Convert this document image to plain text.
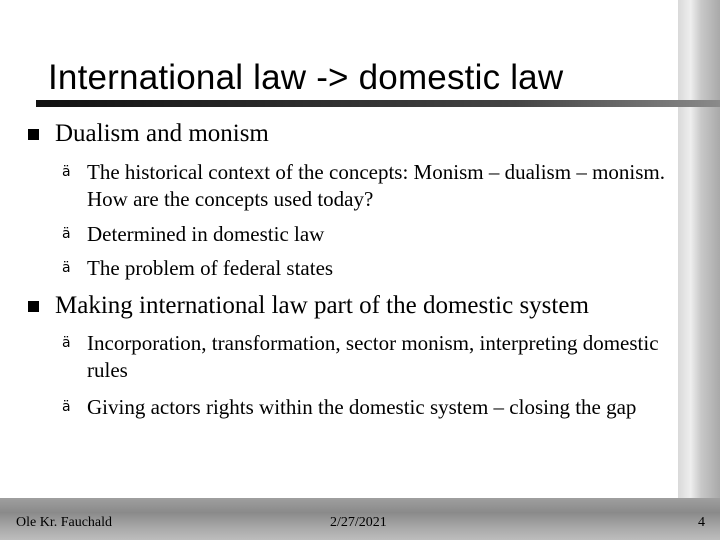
International law -> domestic law
Dualism and monism
ä The historical context of the concepts: Monism – dualism – monism. How are the concepts used today?
ä Determined in domestic law
ä The problem of federal states
Making international law part of the domestic system
ä Incorporation, transformation, sector monism, interpreting domestic rules
ä Giving actors rights within the domestic system – closing the gap
Ole Kr. Fauchald	2/27/2021	4
